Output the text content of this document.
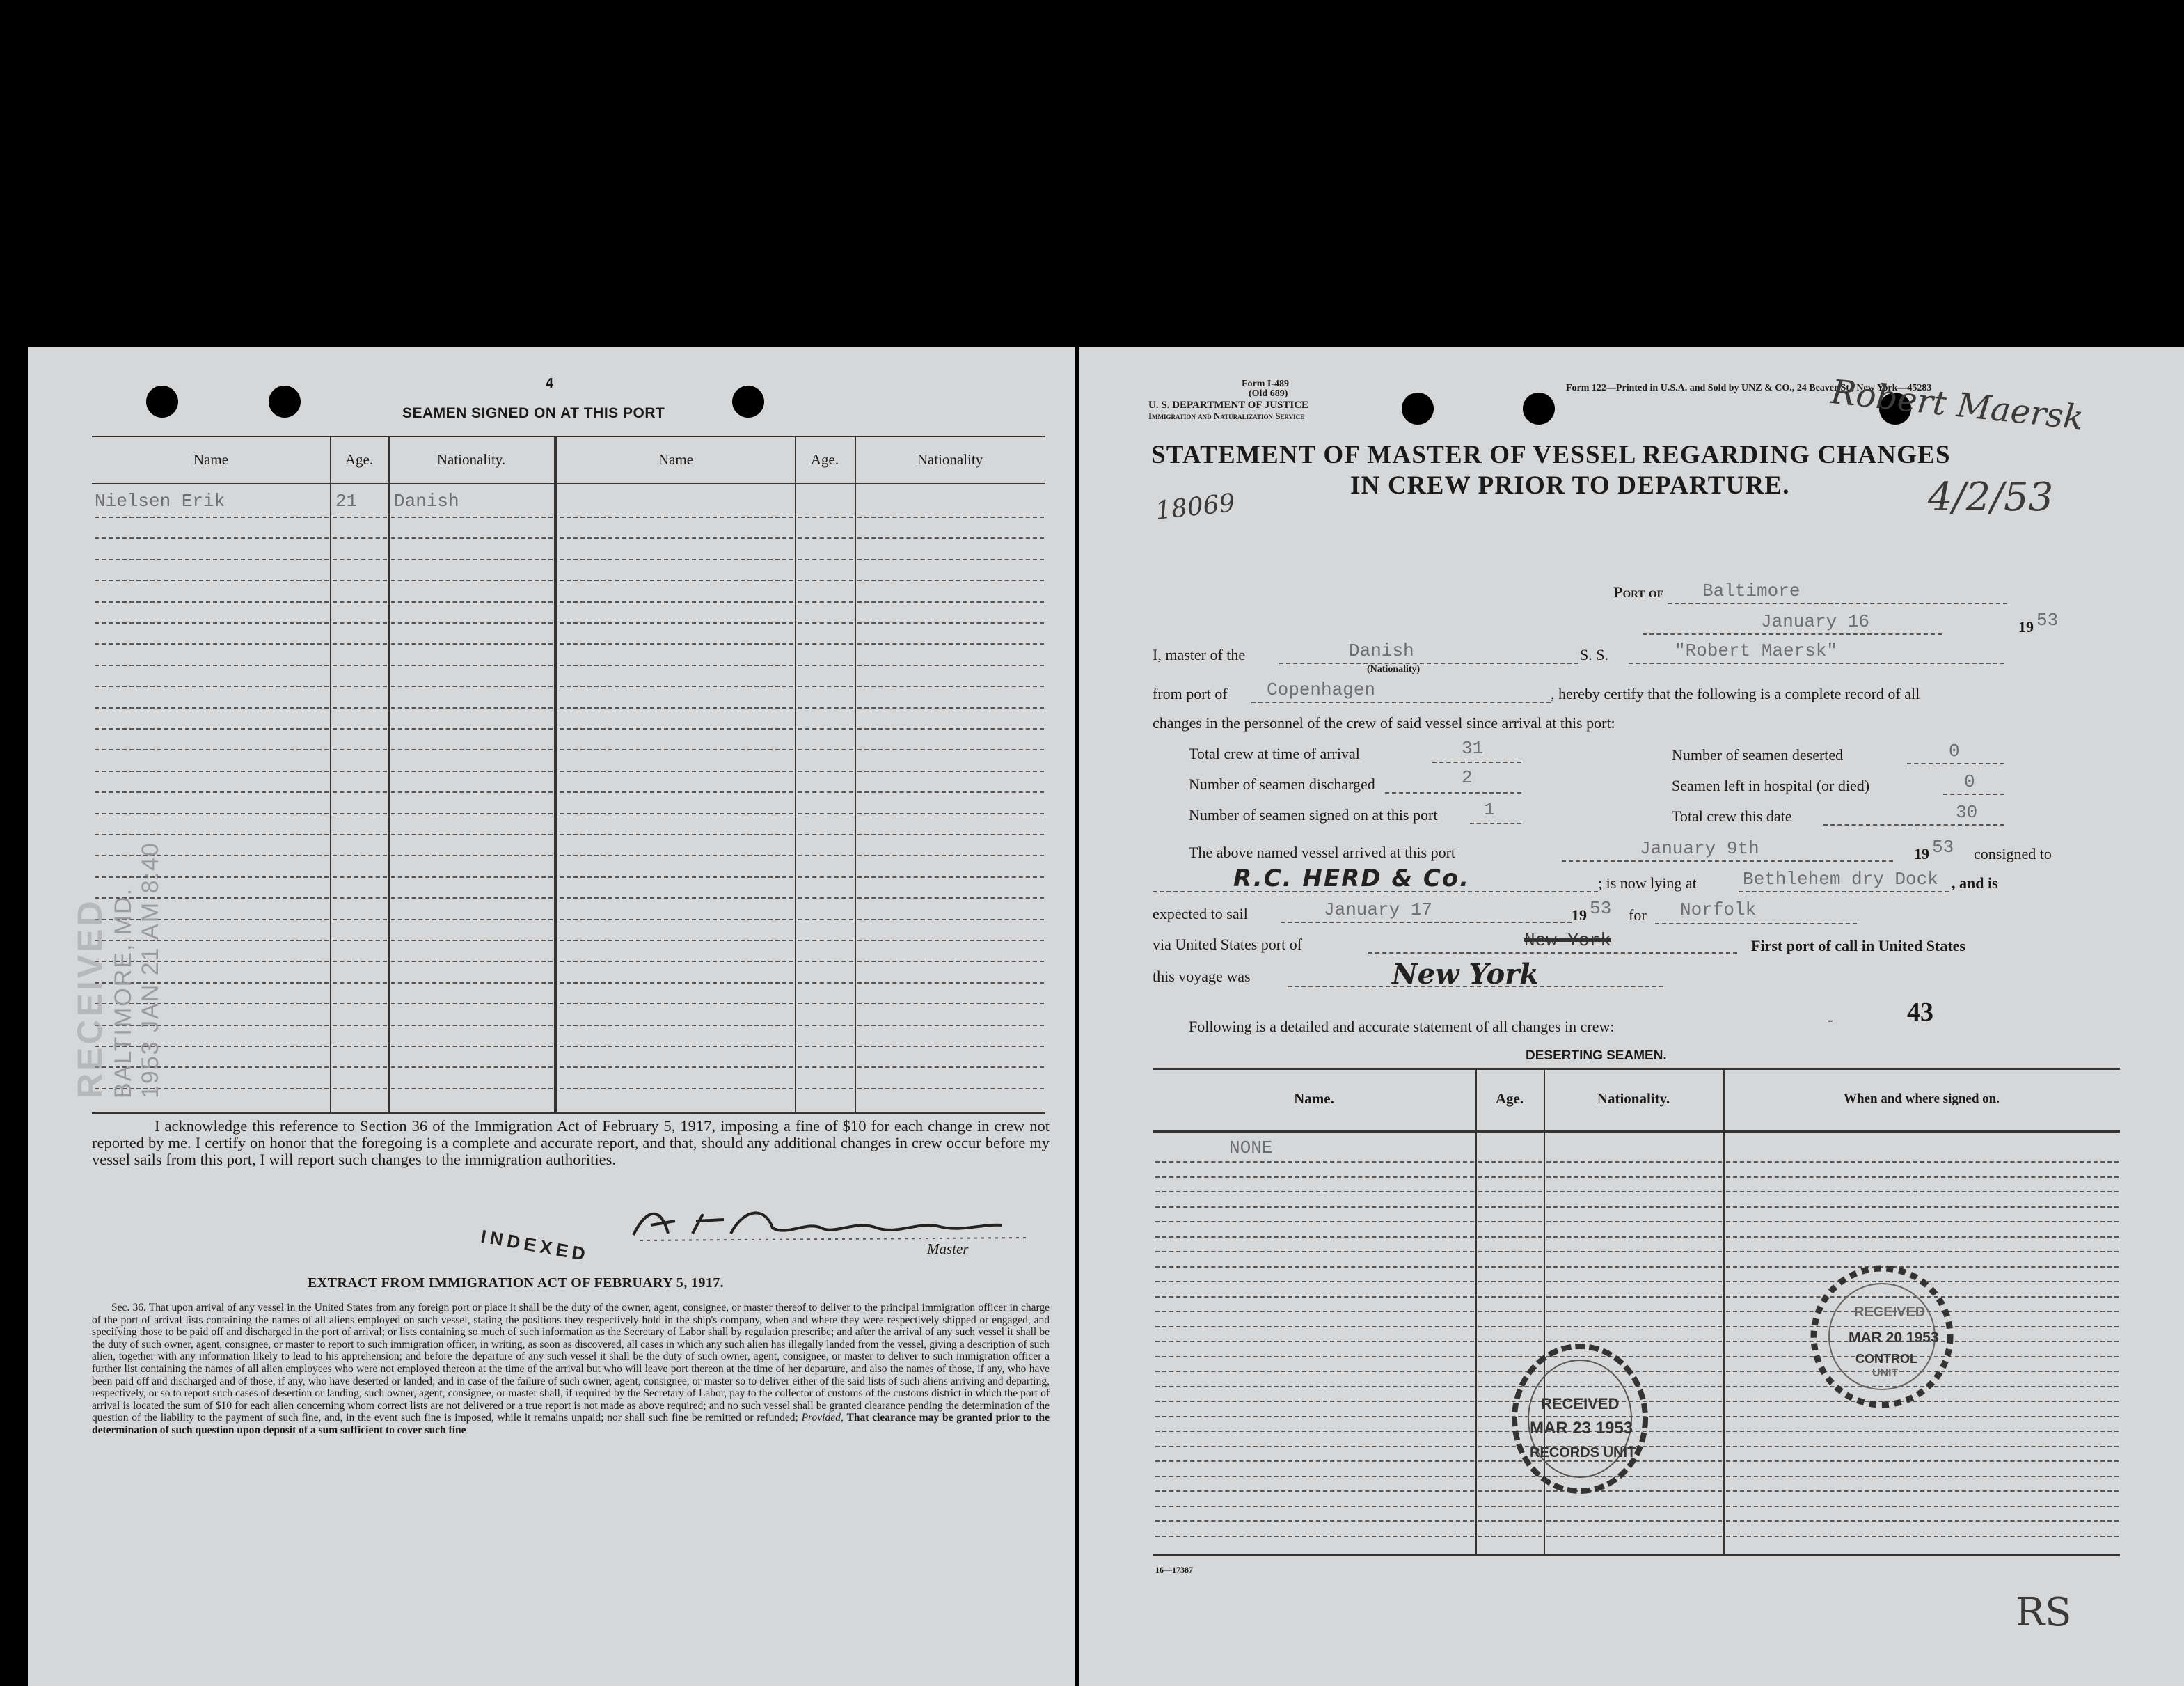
4
SEAMEN SIGNED ON AT THIS PORT
Name	Age.	Nationality.	Name	Age.	Nationality
Nielsen Erik	21 Danish
RECEIVED BALTIMORE, MD. 1953 JAN 21 AM 8:40
I acknowledge this reference to Section 36 of the Immigration Act of February 5, 1917, imposing a fine of $10 for each change in crew not reported by me. I certify on honor that the foregoing is a complete and accurate report, and that, should any additional changes in crew occur before my vessel sails from this port, I will report such changes to the immigration authorities.
Master
INDEXED
EXTRACT FROM IMMIGRATION ACT OF FEBRUARY 5, 1917.
Sec. 36. That upon arrival of any vessel in the United States from any foreign port or place it shall be the duty of the owner, agent, consignee, or master thereof to deliver to the principal immigration officer in charge of the port of arrival lists containing the names of all aliens employed on such vessel, stating the positions they respectively hold in the ship's company, when and where they were respectively shipped or engaged, and specifying those to be paid off and discharged in the port of arrival; or lists containing so much of such information as the Secretary of Labor shall by regulation prescribe; and after the arrival of any such vessel it shall be the duty of such owner, agent, consignee, or master to report to such immigration officer, in writing, as soon as discovered, all cases in which any such alien has illegally landed from the vessel, giving a description of such alien, together with any information likely to lead to his apprehension; and before the departure of any such vessel it shall be the duty of such owner, agent, consignee, or master to deliver to such immigration officer a further list containing the names of all alien employees who were not employed thereon at the time of the arrival but who will leave port thereon at the time of her departure, and also the names of those, if any, who have been paid off and discharged and of those, if any, who have deserted or landed; and in case of the failure of such owner, agent, consignee, or master so to deliver either of the said lists of such aliens arriving and departing, respectively, or so to report such cases of desertion or landing, such owner, agent, consignee, or master shall, if required by the Secretary of Labor, pay to the collector of customs of the customs district in which the port of arrival is located the sum of $10 for each alien concerning whom correct lists are not delivered or a true report is not made as above required; and no such vessel shall be granted clearance pending the determination of the question of the liability to the payment of such fine, and, in the event such fine is imposed, while it remains unpaid; nor shall such fine be remitted or refunded; Provided, That clearance may be granted prior to the determination of such question upon deposit of a sum sufficient to cover such fine
Form I-489
(Old 689)
U. S. DEPARTMENT OF JUSTICE
Immigration and Naturalization Service
Form 122—Printed in U.S.A. and Sold by UNZ & CO., 24 Beaver St., New York—45283
Robert Maersk
STATEMENT OF MASTER OF VESSEL REGARDING CHANGES
IN CREW PRIOR TO DEPARTURE.
18069	4/2/53
Port of Baltimore
January 16	19 53
I, master of the	Danish
(Nationality)
S. S.	"Robert Maersk"
from port of Copenhagen	, hereby certify that the following is a complete record of all
changes in the personnel of the crew of said vessel since arrival at this port:
Total crew at time of arrival	31	Number of seamen deserted	0
Number of seamen discharged	2	Seamen left in hospital (or died)	0
Number of seamen signed on at this port	1	Total crew this date	30
The above named vessel arrived at this port	January 9th	19 53 consigned to
R.C. HERD & Co.	; is now lying at	Bethlehem dry Dock , and is
expected to sail	January 17	19 53 for Norfolk
via United States port of	New York	First port of call in United States
this voyage was	New York
Following is a detailed and accurate statement of all changes in crew:	-	43
DESERTING SEAMEN.
Name.	Age.	Nationality.	When and where signed on.
NONE
RECEIVED
MAR 23 1953
RECORDS UNIT
RECEIVED
MAR 20 1953
CONTROL
UNIT
16—17387
RS
